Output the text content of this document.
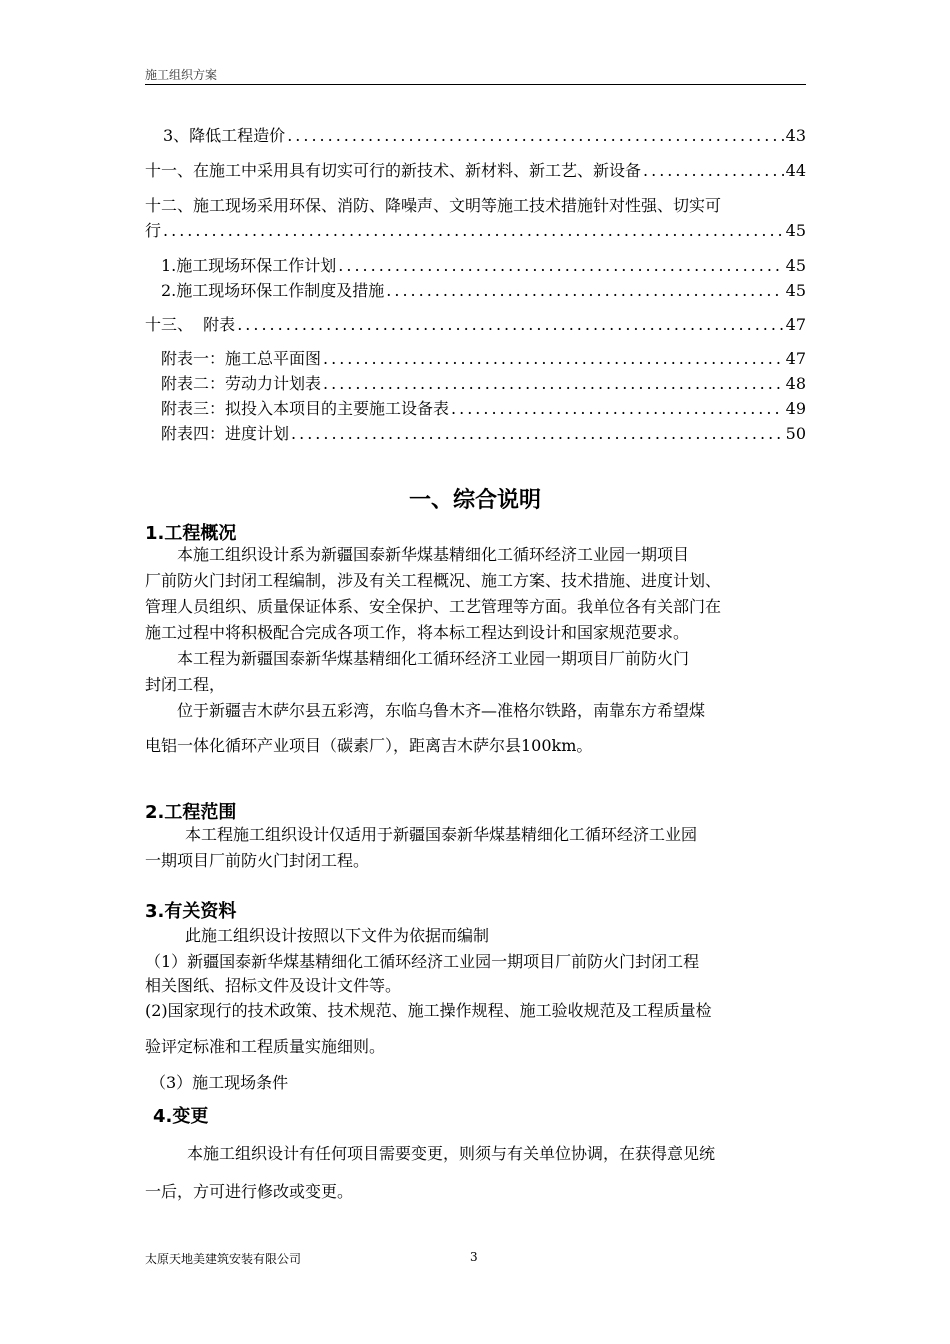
施工组织方案
3、降低工程造价 .....	43
十一、在施工中采用具有切实可行的新技术、新材料、新工艺、新设备 .....	44
十二、施工现场采用环保、消防、降噪声、文明等施工技术措施针对性强、切实可
行 .....	45
1.施工现场环保工作计划 .....	45
2.施工现场环保工作制度及措施 .....	45
十三、  附表 .....	47
附表一：施工总平面图 .....	47
附表二：劳动力计划表 .....	48
附表三：拟投入本项目的主要施工设备表 .....	49
附表四：进度计划 .....	50
一、综合说明
1.工程概况
本施工组织设计系为新疆国泰新华煤基精细化工循环经济工业园一期项目
厂前防火门封闭工程编制，涉及有关工程概况、施工方案、技术措施、进度计划、
管理人员组织、质量保证体系、安全保护、工艺管理等方面。我单位各有关部门在
施工过程中将积极配合完成各项工作，将本标工程达到设计和国家规范要求。
本工程为新疆国泰新华煤基精细化工循环经济工业园一期项目厂前防火门
封闭工程，
位于新疆吉木萨尔县五彩湾，东临乌鲁木齐—准格尔铁路，南靠东方希望煤
电铝一体化循环产业项目（碳素厂），距离吉木萨尔县100km。
2.工程范围
本工程施工组织设计仅适用于新疆国泰新华煤基精细化工循环经济工业园
一期项目厂前防火门封闭工程。
3.有关资料
此施工组织设计按照以下文件为依据而编制
（1）新疆国泰新华煤基精细化工循环经济工业园一期项目厂前防火门封闭工程
相关图纸、招标文件及设计文件等。
(2)国家现行的技术政策、技术规范、施工操作规程、施工验收规范及工程质量检
验评定标准和工程质量实施细则。
（3）施工现场条件
4.变更
本施工组织设计有任何项目需要变更，则须与有关单位协调，在获得意见统
一后，方可进行修改或变更。
太原天地美建筑安装有限公司	3
